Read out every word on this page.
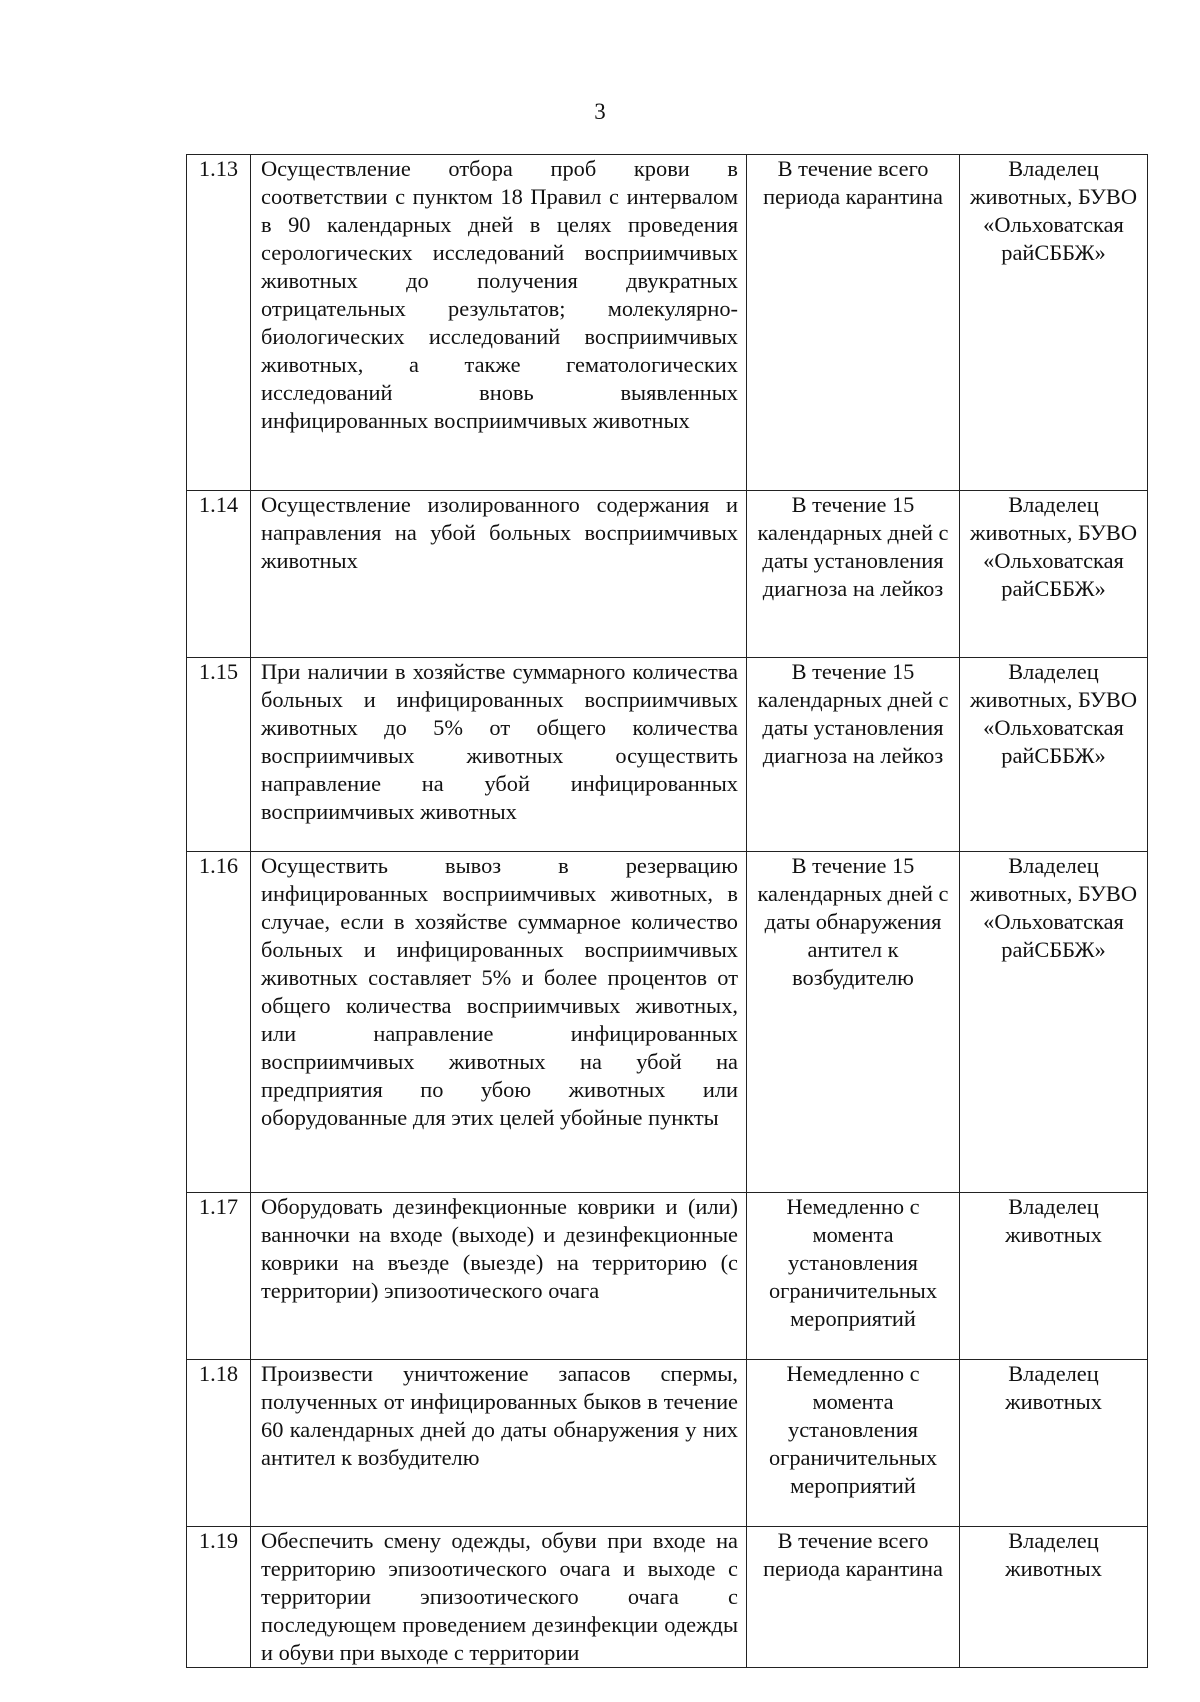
3
1.13	Осуществление отбора проб крови в соответствии с пунктом 18 Правил с интервалом в 90 календарных дней в целях проведения серологических исследований восприимчивых животных до получения двукратных отрицательных результатов; молекулярно-биологических исследований восприимчивых животных, а также гематологических исследований вновь выявленных инфицированных восприимчивых животных	В течение всего периода карантина	Владелец животных, БУВО «Ольховатская райСББЖ»
1.14	Осуществление изолированного содержания и направления на убой больных восприимчивых животных	В течение 15 календарных дней с даты установления диагноза на лейкоз	Владелец животных, БУВО «Ольховатская райСББЖ»
1.15	При наличии в хозяйстве суммарного количества больных и инфицированных восприимчивых животных до 5% от общего количества восприимчивых животных осуществить направление на убой инфицированных восприимчивых животных	В течение 15 календарных дней с даты установления диагноза на лейкоз	Владелец животных, БУВО «Ольховатская райСББЖ»
1.16	Осуществить вывоз в резервацию инфицированных восприимчивых животных, в случае, если в хозяйстве суммарное количество больных и инфицированных восприимчивых животных составляет 5% и более процентов от общего количества восприимчивых животных, или направление инфицированных восприимчивых животных на убой на предприятия по убою животных или оборудованные для этих целей убойные пункты	В течение 15 календарных дней с даты обнаружения антител к возбудителю	Владелец животных, БУВО «Ольховатская райСББЖ»
1.17	Оборудовать дезинфекционные коврики и (или) ванночки на входе (выходе) и дезинфекционные коврики на въезде (выезде) на территорию (с территории) эпизоотического очага	Немедленно с момента установления ограничительных мероприятий	Владелец животных
1.18	Произвести уничтожение запасов спермы, полученных от инфицированных быков в течение 60 календарных дней до даты обнаружения у них антител к возбудителю	Немедленно с момента установления ограничительных мероприятий	Владелец животных
1.19	Обеспечить смену одежды, обуви при входе на территорию эпизоотического очага и выходе с территории эпизоотического очага с последующем проведением дезинфекции одежды и обуви при выходе с территории	В течение всего периода карантина	Владелец животных
